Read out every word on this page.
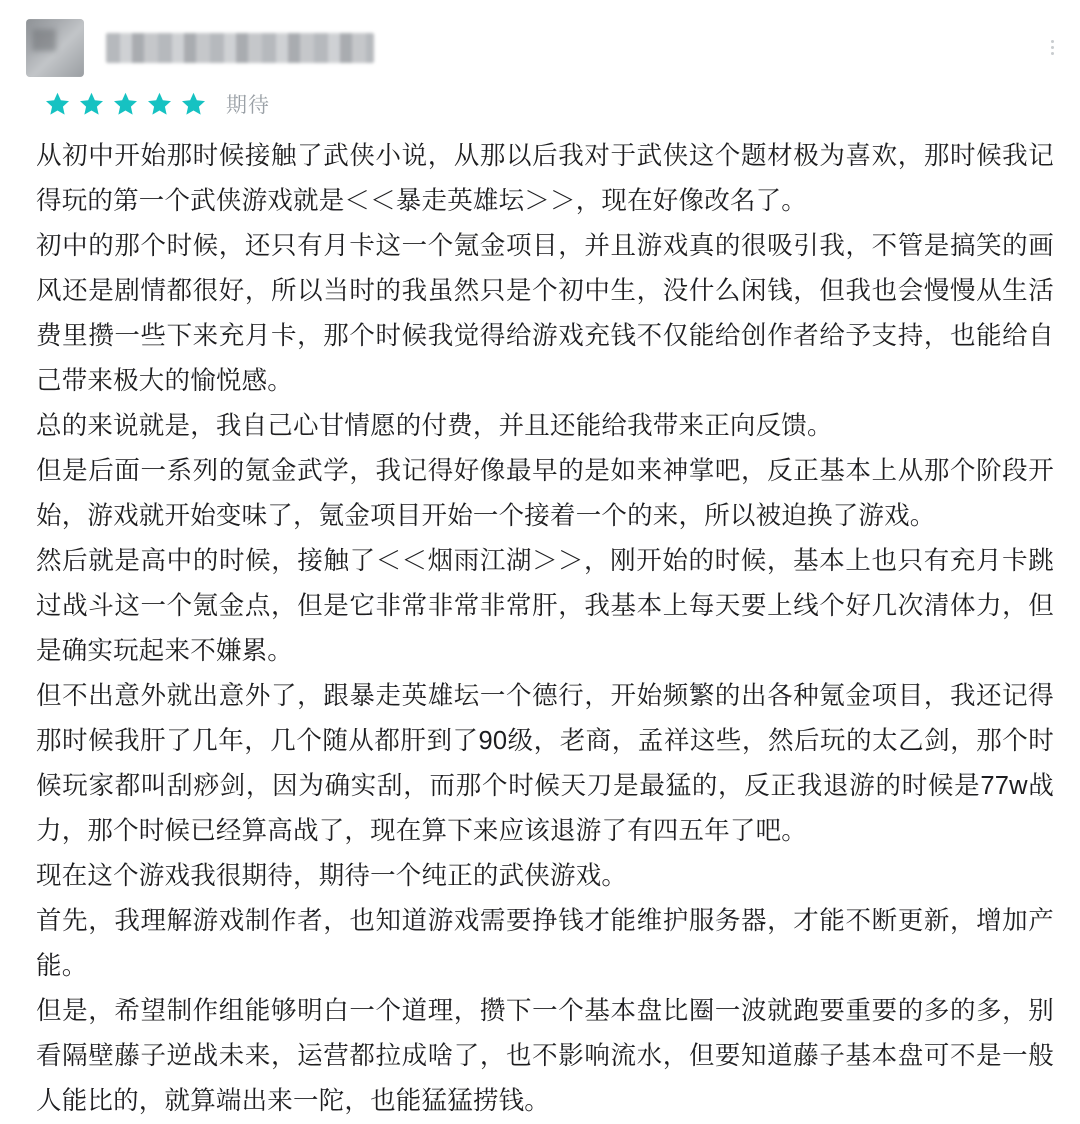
期待

从初中开始那时候接触了武侠小说，从那以后我对于武侠这个题材极为喜欢，那时候我记得玩的第一个武侠游戏就是＜＜暴走英雄坛＞＞，现在好像改名了。

初中的那个时候，还只有月卡这一个氪金项目，并且游戏真的很吸引我，不管是搞笑的画风还是剧情都很好，所以当时的我虽然只是个初中生，没什么闲钱，但我也会慢慢从生活费里攒一些下来充月卡，那个时候我觉得给游戏充钱不仅能给创作者给予支持，也能给自己带来极大的愉悦感。

总的来说就是，我自己心甘情愿的付费，并且还能给我带来正向反馈。

但是后面一系列的氪金武学，我记得好像最早的是如来神掌吧，反正基本上从那个阶段开始，游戏就开始变味了，氪金项目开始一个接着一个的来，所以被迫换了游戏。

然后就是高中的时候，接触了＜＜烟雨江湖＞＞，刚开始的时候，基本上也只有充月卡跳过战斗这一个氪金点，但是它非常非常非常肝，我基本上每天要上线个好几次清体力，但是确实玩起来不嫌累。

但不出意外就出意外了，跟暴走英雄坛一个德行，开始频繁的出各种氪金项目，我还记得那时候我肝了几年，几个随从都肝到了90级，老商，孟祥这些，然后玩的太乙剑，那个时候玩家都叫刮痧剑，因为确实刮，而那个时候天刀是最猛的，反正我退游的时候是77w战力，那个时候已经算高战了，现在算下来应该退游了有四五年了吧。

现在这个游戏我很期待，期待一个纯正的武侠游戏。

首先，我理解游戏制作者，也知道游戏需要挣钱才能维护服务器，才能不断更新，增加产能。

但是，希望制作组能够明白一个道理，攒下一个基本盘比圈一波就跑要重要的多的多，别看隔壁藤子逆战未来，运营都拉成啥了，也不影响流水，但要知道藤子基本盘可不是一般人能比的，就算端出来一陀，也能猛猛捞钱。
